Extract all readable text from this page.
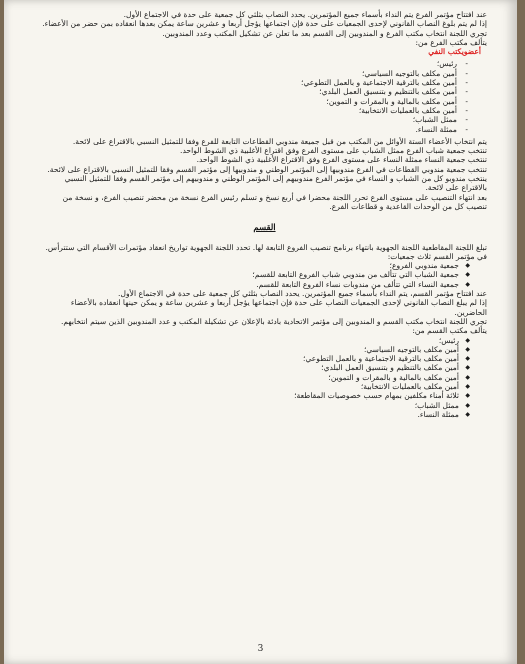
عند افتتاح مؤتمر الفرع يتم النداء بأسماء جميع المؤتمرين. يحدد النصاب بثلثي كل جمعية على حدة في الاجتماع الأول.

إذا لم يتم بلوغ النصاب القانوني لإحدى الجمعيات على حدة فإن اجتماعها يؤجل أربعا و عشرين ساعة يمكن بعدها انعقاده بمن حضر من الأعضاء.

تجري اللجنة انتخاب مكتب الفرع و المندوبين إلى القسم بعد ما تعلن عن تشكيل المكتب وعدد المندوبين.

يتألف مكتب الفرع من:

أعضويكتب النفي

- رئيس؛

- أمين مكلف بالتوجيه السياسي؛

- أمين مكلف بالترقية الاجتماعية و بالعمل التطوعي؛

- أمين مكلف بالتنظيم و بتنسيق العمل البلدي؛

- أمين مكلف بالمالية و بالمقرات و التموين؛

- أمين مكلف بالعمليات الانتخابية؛

- ممثل الشباب؛

- ممثلة النساء.

يتم انتخاب الأعضاء الستة الأوائل من المكتب من قبل جميعة مندوبي القطاعات التابعة للفرع وفقا للتمثيل النسبي بالاقتراع على لائحة.

تنتخب جمعية شباب الفرع ممثل الشباب على مستوى الفرع وفق اقتراع الأغلبية ذي الشوط الواحد.

تنتخب جمعية النساء ممثلة النساء على مستوى الفرع وفق الاقتراع الأغلبية ذي الشوط الواحد.

تنتخب جمعية مندوبي القطاعات في الفرع مندوبيها إلى المؤتمر الوطني و مندوبيها إلى مؤتمر القسم وفقا للتمثيل النسبي بالاقتراع على لائحة.

ينتخب مندوبو كل من الشباب و النساء في مؤتمر الفرع مندوبيهم إلى المؤتمر الوطني و مندوبيهم إلى مؤتمر القسم وفقا للتمثيل النسبي بالاقتراع على لائحة.

بعد انتهاء التنصيب على مستوى الفرع تحرر اللجنة محضرا في أربع نسخ و تسلم رئيس الفرع نسخة من محضر تنصيب الفرع، و نسخة من تنصيب كل من الوحدات القاعدية و قطاعات الفرع.

القسم

تبلغ اللجنة المقاطعية اللجنة الجهوية بانتهاء برنامج تنصيب الفروع التابعة لها. تحدد اللجنة الجهوية تواريخ انعقاد مؤتمرات الأقسام التي ستترأس.

في مؤتمر القسم ثلاث جمعيات:

◆ جمعية مندوبي الفروع؛

◆ جمعية الشباب التي تتألف من مندوبي شباب الفروع التابعة للقسم؛

◆ جمعية النساء التي تتألف من مندوبات نساء الفروع التابعة للقسم.

عند افتتاح مؤتمر القسم، يتم النداء بأسماء جميع المؤتمرين. يحدد النصاب بثلثي كل جمعية على حدة في الاجتماع الأول.

إذا لم يبلغ النصاب القانوني لإحدى الجمعيات النصاب على حدة فإن اجتماعها يؤجل أربعا و عشرين ساعة و يمكن حينها انعقاده بالأعضاء الحاضرين.

تجري اللجنة انتخاب مكتب القسم و المندوبين إلى مؤتمر الاتحادية بادئة بالإعلان عن تشكيلة المكتب و عدد المندوبين الذين سيتم انتخابهم.

يتألف مكتب القسم من:

◆ رئيس؛

◆ أمين مكلف بالتوجيه السياسي؛

◆ أمين مكلف بالترقية الاجتماعية و بالعمل التطوعي؛

◆ أمين مكلف بالتنظيم و بتنسيق العمل البلدي؛

◆ أمين مكلف بالمالية و بالمقرات و التموين؛

◆ أمين مكلف بالعمليات الانتخابية؛

◆ ثلاثة أمناء مكلفين بمهام حسب خصوصيات المقاطعة؛

◆ ممثل الشباب؛

◆ ممثلة النساء.

3
